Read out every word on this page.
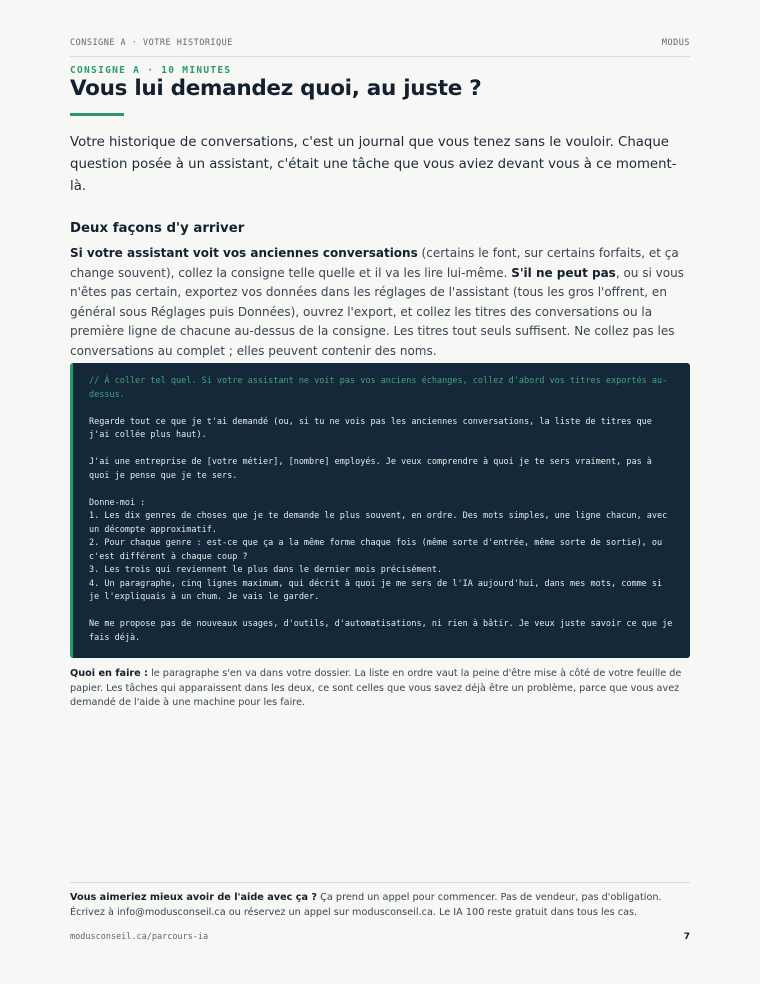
CONSIGNE A · VOTRE HISTORIQUE	MODUS
CONSIGNE A · 10 MINUTES
Vous lui demandez quoi, au juste ?

Votre historique de conversations, c'est un journal que vous tenez sans le vouloir. Chaque question posée à un assistant, c'était une tâche que vous aviez devant vous à ce moment-là.

Deux façons d'y arriver

Si votre assistant voit vos anciennes conversations (certains le font, sur certains forfaits, et ça change souvent), collez la consigne telle quelle et il va les lire lui-même. S'il ne peut pas, ou si vous n'êtes pas certain, exportez vos données dans les réglages de l'assistant (tous les gros l'offrent, en général sous Réglages puis Données), ouvrez l'export, et collez les titres des conversations ou la première ligne de chacune au-dessus de la consigne. Les titres tout seuls suffisent. Ne collez pas les conversations au complet ; elles peuvent contenir des noms.

// À coller tel quel. Si votre assistant ne voit pas vos anciens échanges, collez d'abord vos titres exportés au-dessus.

Regarde tout ce que je t'ai demandé (ou, si tu ne vois pas les anciennes conversations, la liste de titres que j'ai collée plus haut).

J'ai une entreprise de [votre métier], [nombre] employés. Je veux comprendre à quoi je te sers vraiment, pas à quoi je pense que je te sers.

Donne-moi :

1. Les dix genres de choses que je te demande le plus souvent, en ordre. Des mots simples, une ligne chacun, avec un décompte approximatif.

2. Pour chaque genre : est-ce que ça a la même forme chaque fois (même sorte d'entrée, même sorte de sortie), ou c'est différent à chaque coup ?

3. Les trois qui reviennent le plus dans le dernier mois précisément.

4. Un paragraphe, cinq lignes maximum, qui décrit à quoi je me sers de l'IA aujourd'hui, dans mes mots, comme si je l'expliquais à un chum. Je vais le garder.

Ne me propose pas de nouveaux usages, d'outils, d'automatisations, ni rien à bâtir. Je veux juste savoir ce que je fais déjà.

Quoi en faire : le paragraphe s'en va dans votre dossier. La liste en ordre vaut la peine d'être mise à côté de votre feuille de papier. Les tâches qui apparaissent dans les deux, ce sont celles que vous savez déjà être un problème, parce que vous avez demandé de l'aide à une machine pour les faire.

Vous aimeriez mieux avoir de l'aide avec ça ? Ça prend un appel pour commencer. Pas de vendeur, pas d'obligation. Écrivez à info@modusconseil.ca ou réservez un appel sur modusconseil.ca. Le IA 100 reste gratuit dans tous les cas.

modusconseil.ca/parcours-ia	7
